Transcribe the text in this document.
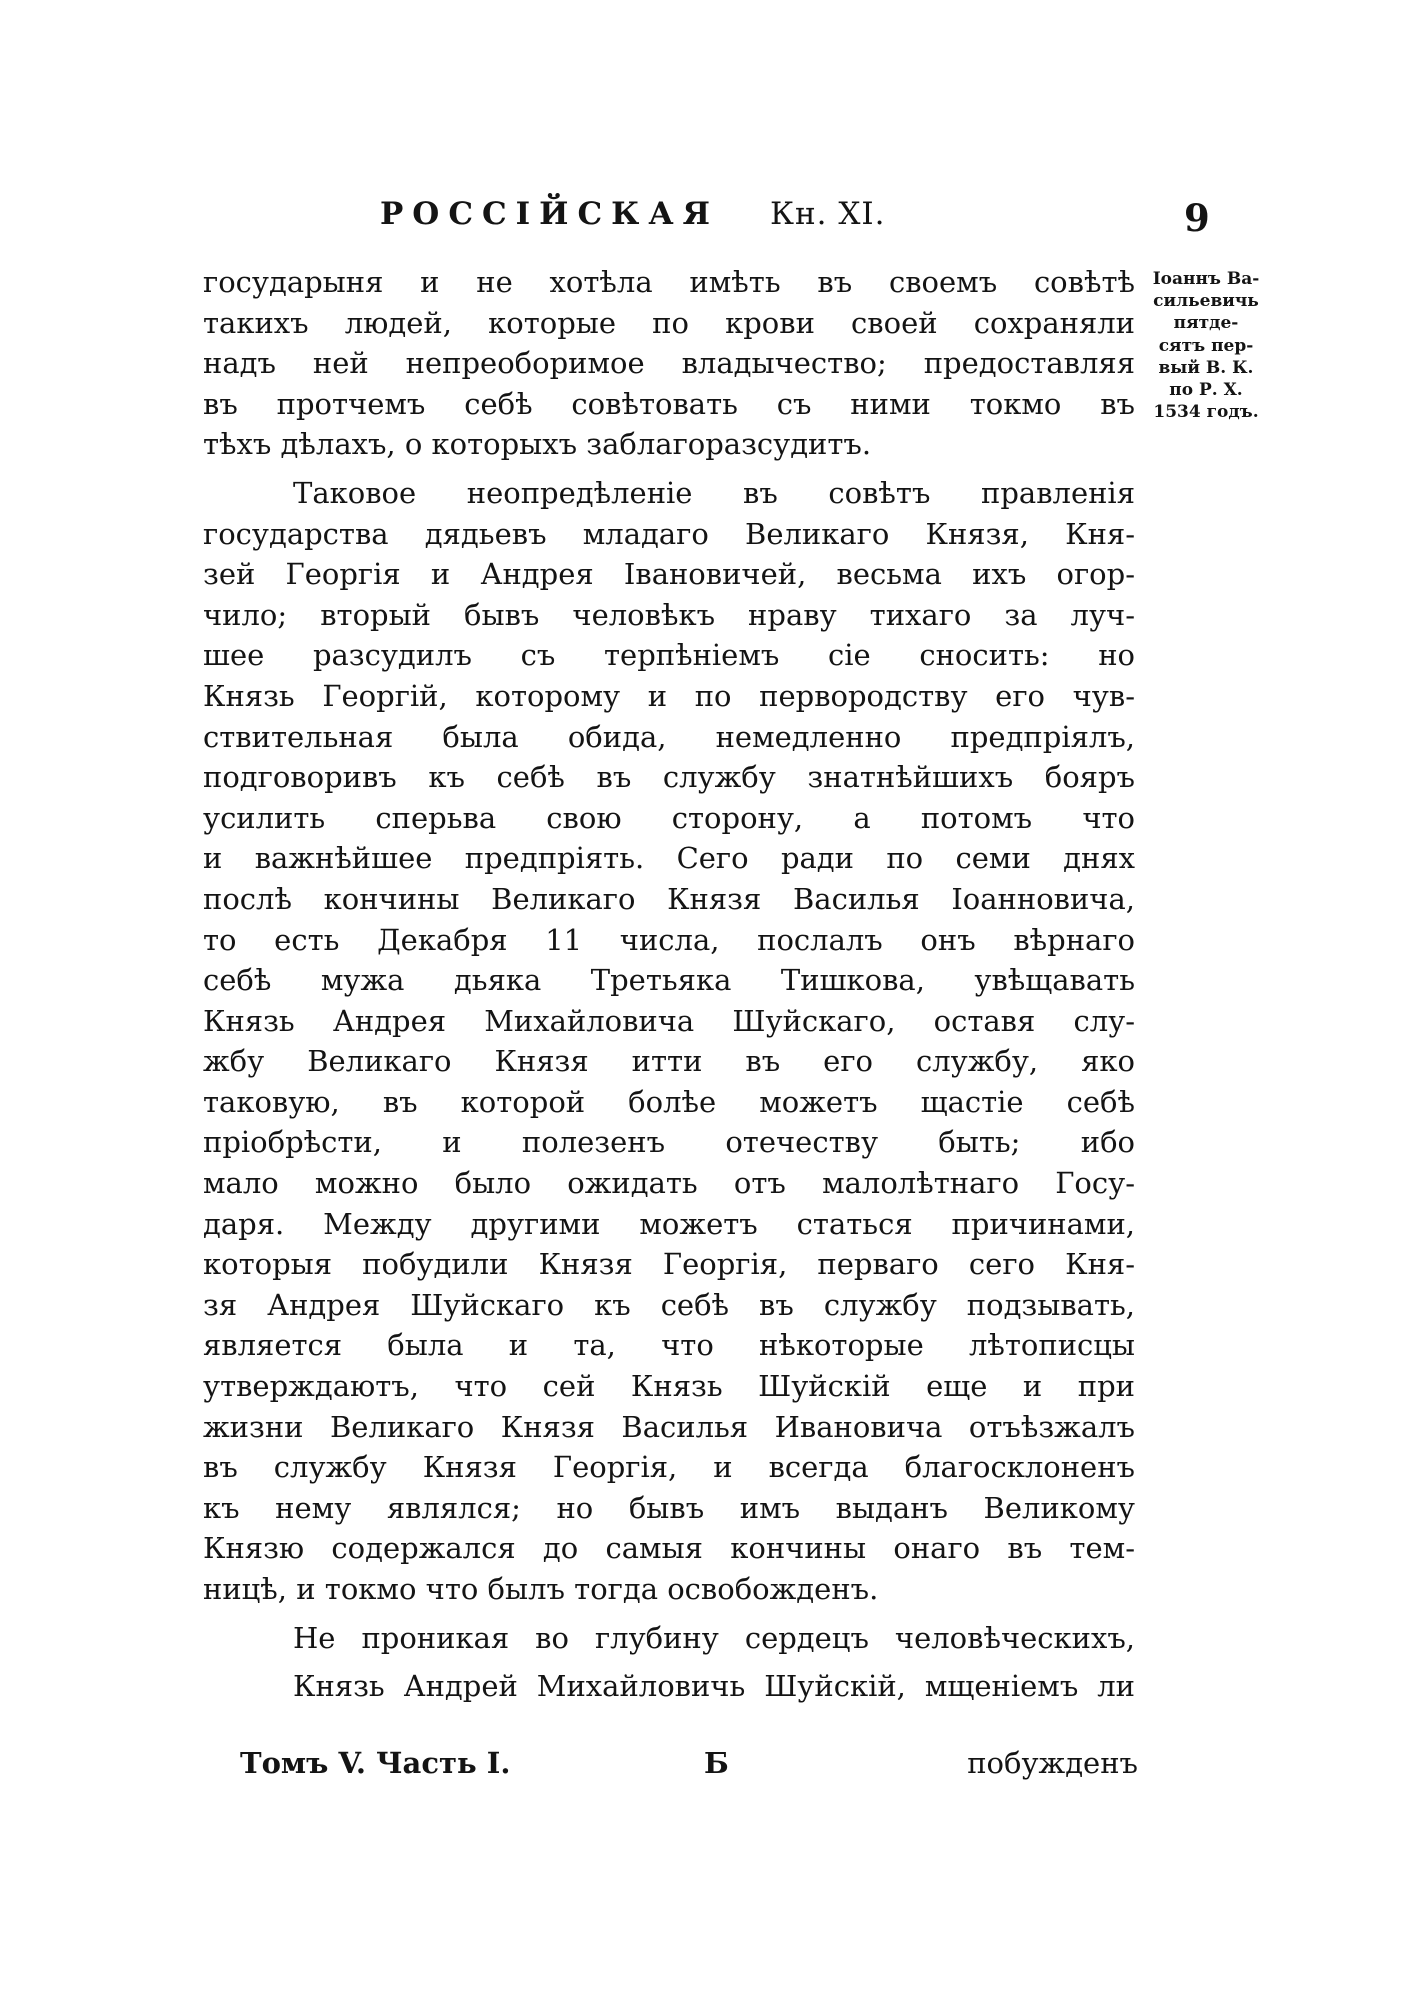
РОССІЙСКАЯ Кн. XI.	9
Іоаннъ Ва-
сильевичь
пятде-
сятъ пер-
вый В. К.
по Р. Х.
1534 годъ.
государыня и не хотѣла имѣть въ своемъ совѣтѣ
такихъ людей, которые по крови своей сохраняли
надъ ней непреоборимое владычество; предоставляя
въ протчемъ себѣ совѣтовать съ ними токмо въ
тѣхъ дѣлахъ, о которыхъ заблагоразсудитъ.
Таковое неопредѣленіе въ совѣтъ правленія
государства дядьевъ младаго Великаго Князя, Кня-
зей Георгія и Андрея Івановичей, весьма ихъ огор-
чило; вторый бывъ человѣкъ нраву тихаго за луч-
шее разсудилъ съ терпѣніемъ сіе сносить: но
Князь Георгій, которому и по первородству его чув-
ствительная была обида, немедленно предпріялъ,
подговоривъ къ себѣ въ службу знатнѣйшихъ бояръ
усилить сперьва свою сторону, а потомъ что
и важнѣйшее предпріять. Сего ради по семи днях
послѣ кончины Великаго Князя Василья Іоанновича,
то есть Декабря 11 числа, послалъ онъ вѣрнаго
себѣ мужа дьяка Третьяка Тишкова, увѣщавать
Князь Андрея Михайловича Шуйскаго, оставя слу-
жбу Великаго Князя итти въ его службу, яко
таковую, въ которой болѣе можетъ щастіе себѣ
пріобрѣсти, и полезенъ отечеству быть; ибо
мало можно было ожидать отъ малолѣтнаго Госу-
даря. Между другими можетъ статься причинами,
которыя побудили Князя Георгія, перваго сего Кня-
зя Андрея Шуйскаго къ себѣ въ службу подзывать,
является была и та, что нѣкоторые лѣтописцы
утверждаютъ, что сей Князь Шуйскій еще и при
жизни Великаго Князя Василья Ивановича отъѣзжалъ
въ службу Князя Георгія, и всегда благосклоненъ
къ нему являлся; но бывъ имъ выданъ Великому
Князю содержался до самыя кончины онаго въ тем-
ницѣ, и токмо что былъ тогда освобожденъ.
Не проникая во глубину сердецъ человѣческихъ,
Князь Андрей Михайловичь Шуйскій, мщеніемъ ли
Томъ V. Часть I.	Б	побужденъ
